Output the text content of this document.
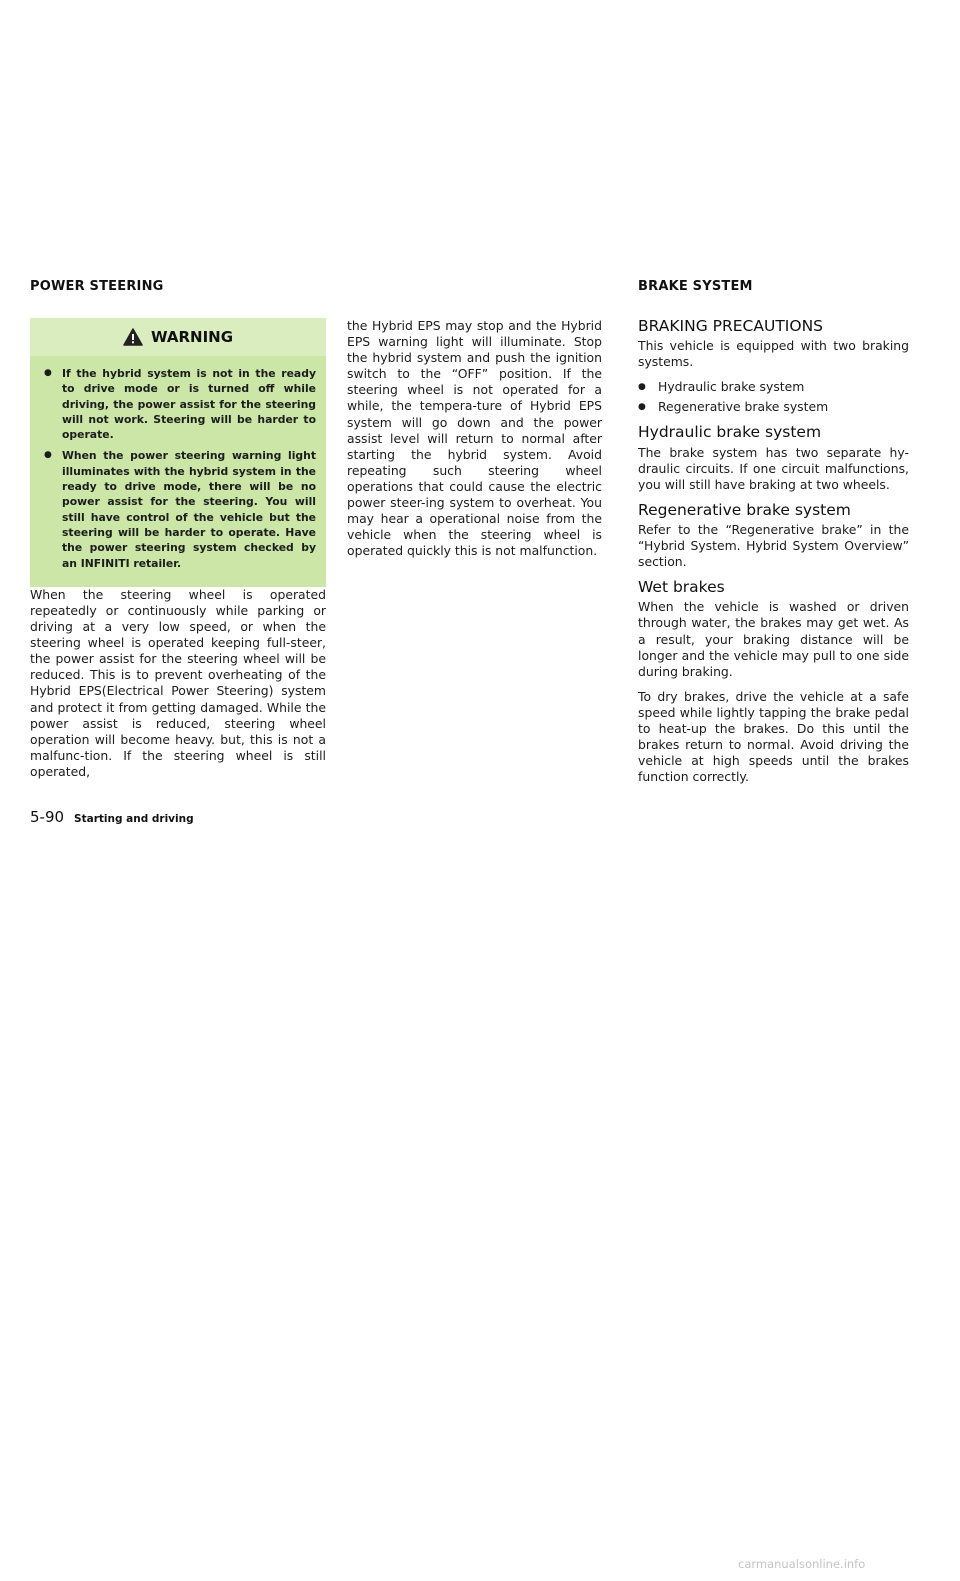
POWER STEERING	BRAKE SYSTEM
WARNING
● If the hybrid system is not in the ready to drive mode or is turned off while driving, the power assist for the steering will not work. Steering will be harder to operate.
● When the power steering warning light illuminates with the hybrid system in the ready to drive mode, there will be no power assist for the steering. You will still have control of the vehicle but the steering will be harder to operate. Have the power steering system checked by an INFINITI retailer.

When the steering wheel is operated repeatedly or continuously while parking or driving at a very low speed, or when the steering wheel is operated keeping full-steer, the power assist for the steering wheel will be reduced. This is to prevent overheating of the Hybrid EPS(Electrical Power Steering) system and protect it from getting damaged. While the power assist is reduced, steering wheel operation will become heavy. but, this is not a malfunc-tion. If the steering wheel is still operated,

the Hybrid EPS may stop and the Hybrid EPS warning light will illuminate. Stop the hybrid system and push the ignition switch to the “OFF” position. If the steering wheel is not operated for a while, the tempera-ture of Hybrid EPS system will go down and the power assist level will return to normal after starting the hybrid system. Avoid repeating such steering wheel operations that could cause the electric power steer-ing system to overheat. You may hear a operational noise from the vehicle when the steering wheel is operated quickly this is not malfunction.

BRAKING PRECAUTIONS

This vehicle is equipped with two braking systems.

● Hydraulic brake system
● Regenerative brake system
Hydraulic brake system

The brake system has two separate hy-draulic circuits. If one circuit malfunctions, you will still have braking at two wheels.

Regenerative brake system

Refer to the “Regenerative brake” in the “Hybrid System. Hybrid System Overview” section.

Wet brakes

When the vehicle is washed or driven through water, the brakes may get wet. As a result, your braking distance will be longer and the vehicle may pull to one side during braking.

To dry brakes, drive the vehicle at a safe speed while lightly tapping the brake pedal to heat-up the brakes. Do this until the brakes return to normal. Avoid driving the vehicle at high speeds until the brakes function correctly.

5-90 Starting and driving
carmanualsonline.info
